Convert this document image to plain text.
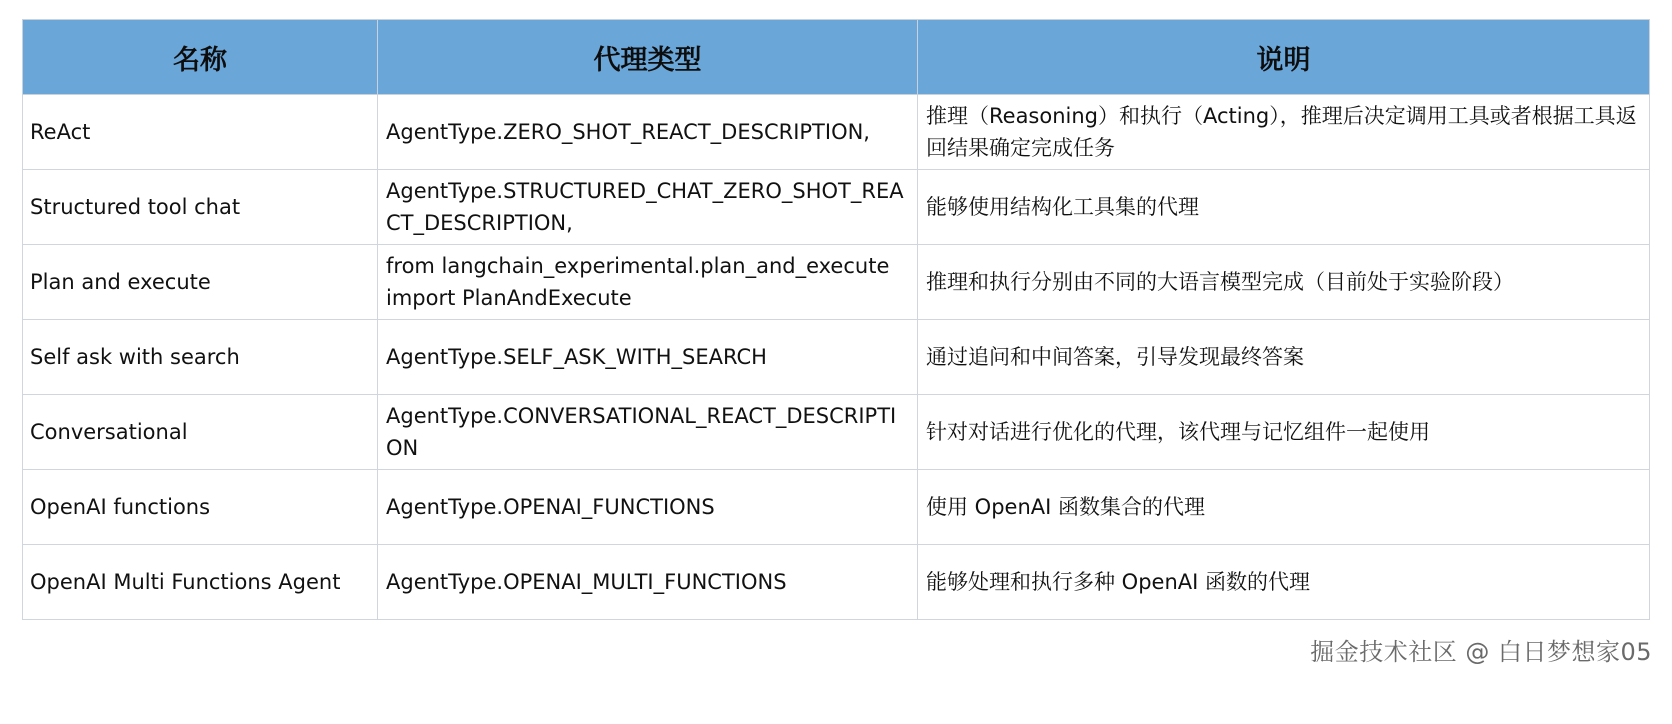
名称	代理类型	说明
ReAct	AgentType.ZERO_SHOT_REACT_DESCRIPTION,	推理（Reasoning）和执行（Acting），推理后决定调用工具或者根据工具返回结果确定完成任务
Structured tool chat	AgentType.STRUCTURED_CHAT_ZERO_SHOT_REACT_DESCRIPTION,	能够使用结构化工具集的代理
Plan and execute	from langchain_experimental.plan_and_execute import PlanAndExecute	推理和执行分别由不同的大语言模型完成（目前处于实验阶段）
Self ask with search	AgentType.SELF_ASK_WITH_SEARCH	通过追问和中间答案，引导发现最终答案
Conversational	AgentType.CONVERSATIONAL_REACT_DESCRIPTION	针对对话进行优化的代理，该代理与记忆组件一起使用
OpenAI functions	AgentType.OPENAI_FUNCTIONS	使用 OpenAI 函数集合的代理
OpenAI Multi Functions Agent	AgentType.OPENAI_MULTI_FUNCTIONS	能够处理和执行多种 OpenAI 函数的代理
掘金技术社区 @ 白日梦想家05
